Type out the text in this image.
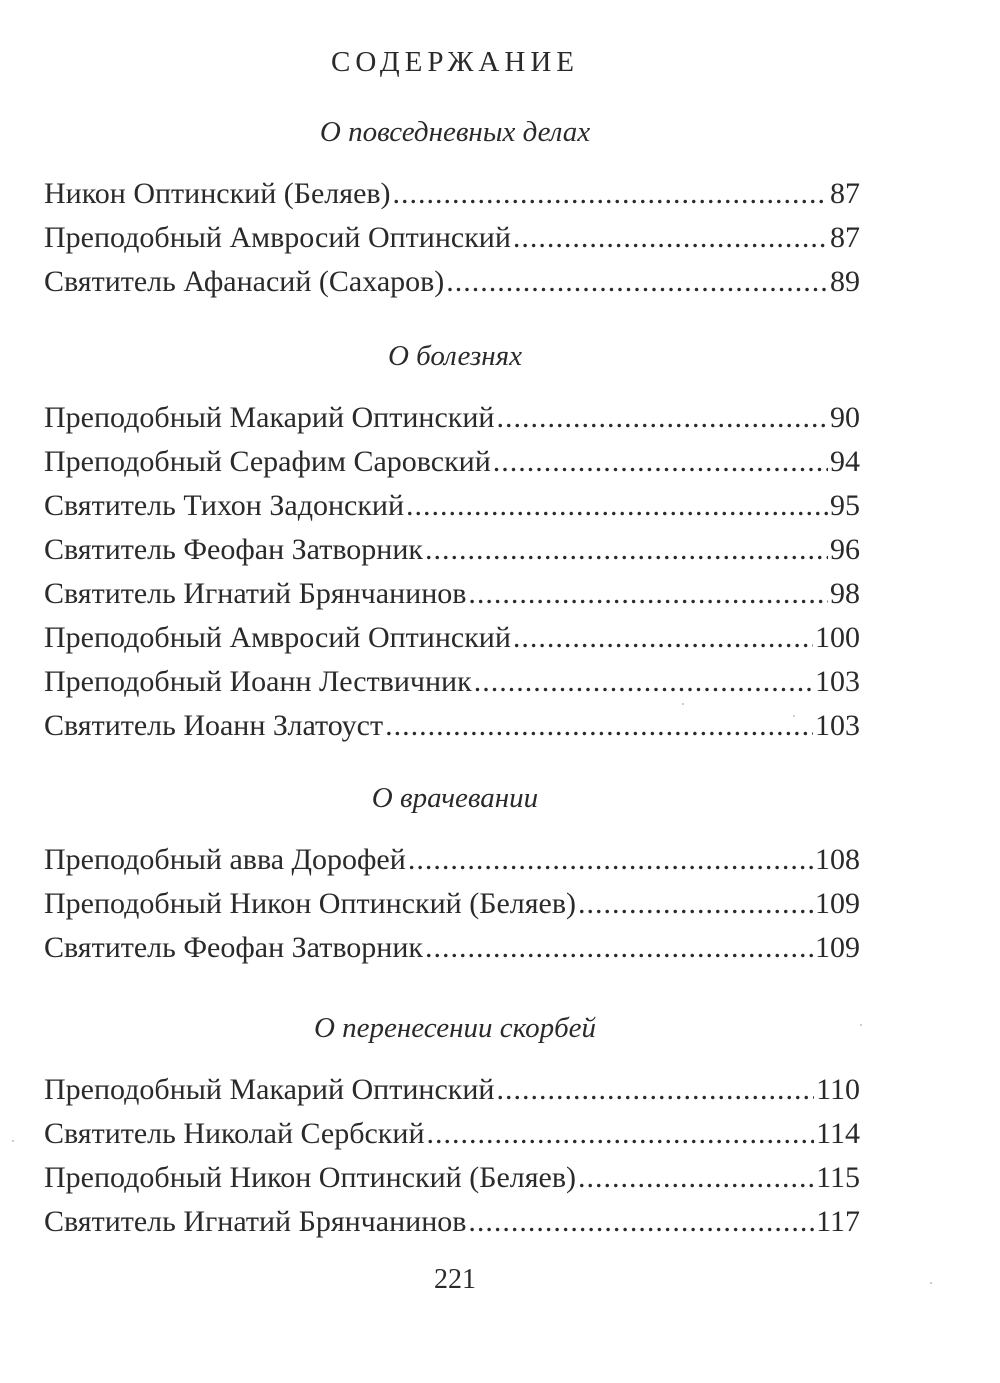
СОДЕРЖАНИЕ
О повседневных делах
Никон Оптинский (Беляев) .....	87
Преподобный Амвросий Оптинский .....	87
Святитель Афанасий (Сахаров) .....	89
О болезнях
Преподобный Макарий Оптинский .....	90
Преподобный Серафим Саровский .....	94
Святитель Тихон Задонский .....	95
Святитель Феофан Затворник .....	96
Святитель Игнатий Брянчанинов .....	98
Преподобный Амвросий Оптинский .....	100
Преподобный Иоанн Лествичник .....	103
Святитель Иоанн Златоуст .....	103
О врачевании
Преподобный авва Дорофей .....	108
Преподобный Никон Оптинский (Беляев) .....	109
Святитель Феофан Затворник .....	109
О перенесении скорбей
Преподобный Макарий Оптинский .....	110
Святитель Николай Сербский .....	114
Преподобный Никон Оптинский (Беляев) .....	115
Святитель Игнатий Брянчанинов .....	117
221
